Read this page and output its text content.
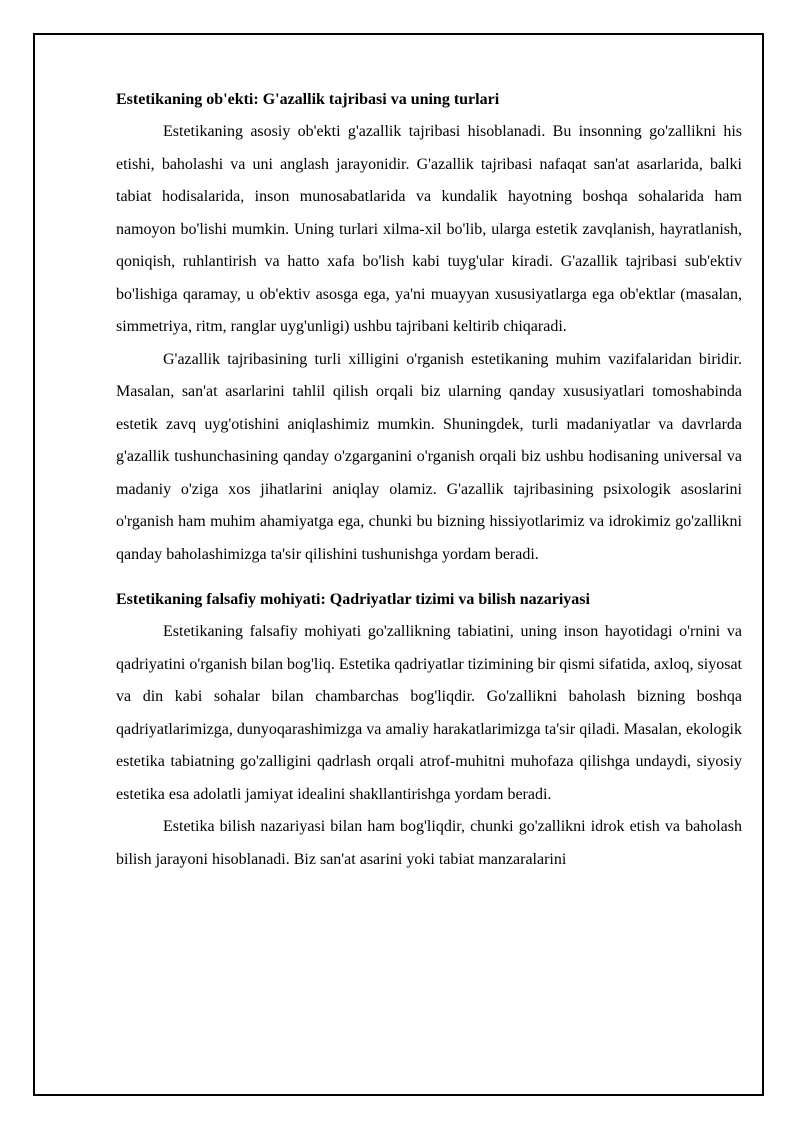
Estetikaning ob'ekti: G'azallik tajribasi va uning turlari

Estetikaning asosiy ob'ekti g'azallik tajribasi hisoblanadi. Bu insonning go'zallikni his etishi, baholashi va uni anglash jarayonidir. G'azallik tajribasi nafaqat san'at asarlarida, balki tabiat hodisalarida, inson munosabatlarida va kundalik hayotning boshqa sohalarida ham namoyon bo'lishi mumkin. Uning turlari xilma-xil bo'lib, ularga estetik zavqlanish, hayratlanish, qoniqish, ruhlantirish va hatto xafa bo'lish kabi tuyg'ular kiradi. G'azallik tajribasi sub'ektiv bo'lishiga qaramay, u ob'ektiv asosga ega, ya'ni muayyan xususiyatlarga ega ob'ektlar (masalan, simmetriya, ritm, ranglar uyg'unligi) ushbu tajribani keltirib chiqaradi.

G'azallik tajribasining turli xilligini o'rganish estetikaning muhim vazifalaridan biridir. Masalan, san'at asarlarini tahlil qilish orqali biz ularning qanday xususiyatlari tomoshabinda estetik zavq uyg'otishini aniqlashimiz mumkin. Shuningdek, turli madaniyatlar va davrlarda g'azallik tushunchasining qanday o'zgarganini o'rganish orqali biz ushbu hodisaning universal va madaniy o'ziga xos jihatlarini aniqlay olamiz. G'azallik tajribasining psixologik asoslarini o'rganish ham muhim ahamiyatga ega, chunki bu bizning hissiyotlarimiz va idrokimiz go'zallikni qanday baholashimizga ta'sir qilishini tushunishga yordam beradi.

Estetikaning falsafiy mohiyati: Qadriyatlar tizimi va bilish nazariyasi

Estetikaning falsafiy mohiyati go'zallikning tabiatini, uning inson hayotidagi o'rnini va qadriyatini o'rganish bilan bog'liq. Estetika qadriyatlar tizimining bir qismi sifatida, axloq, siyosat va din kabi sohalar bilan chambarchas bog'liqdir. Go'zallikni baholash bizning boshqa qadriyatlarimizga, dunyoqarashimizga va amaliy harakatlarimizga ta'sir qiladi. Masalan, ekologik estetika tabiatning go'zalligini qadrlash orqali atrof-muhitni muhofaza qilishga undaydi, siyosiy estetika esa adolatli jamiyat idealini shakllantirishga yordam beradi.

Estetika bilish nazariyasi bilan ham bog'liqdir, chunki go'zallikni idrok etish va baholash bilish jarayoni hisoblanadi. Biz san'at asarini yoki tabiat manzaralarini
